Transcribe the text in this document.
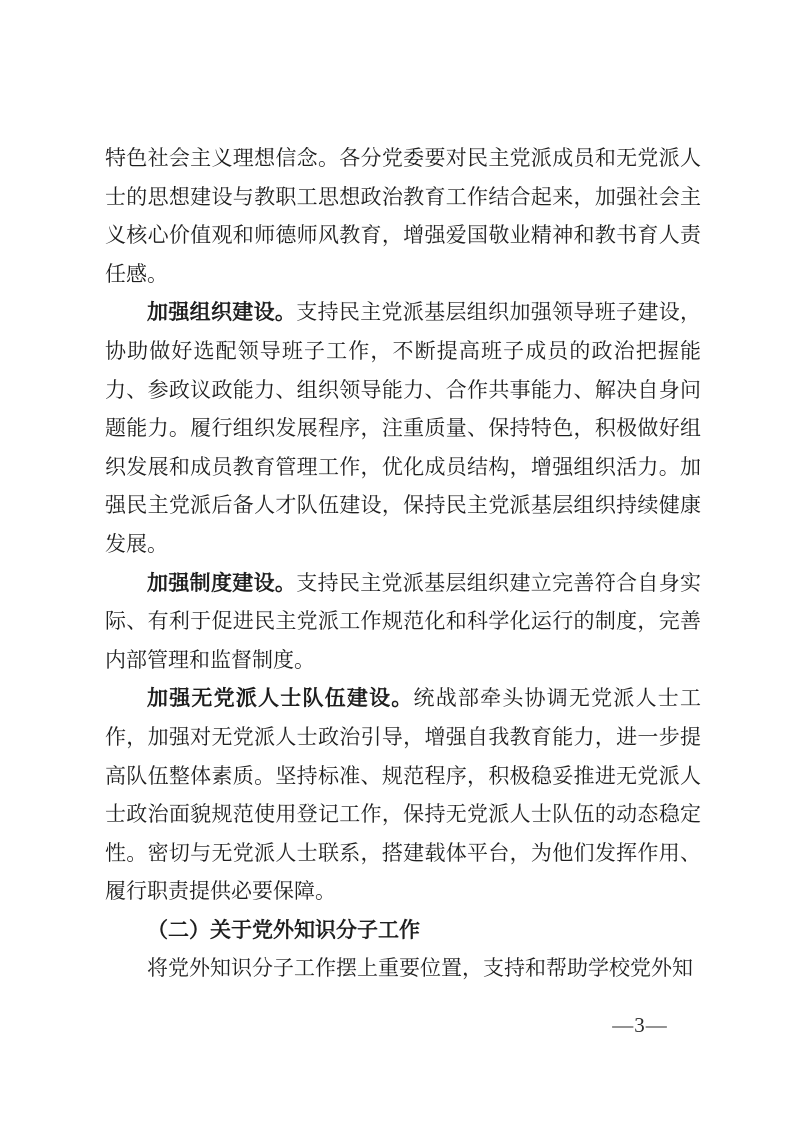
特色社会主义理想信念。各分党委要对民主党派成员和无党派人士的思想建设与教职工思想政治教育工作结合起来，加强社会主义核心价值观和师德师风教育，增强爱国敬业精神和教书育人责任感。

加强组织建设。支持民主党派基层组织加强领导班子建设，协助做好选配领导班子工作，不断提高班子成员的政治把握能力、参政议政能力、组织领导能力、合作共事能力、解决自身问题能力。履行组织发展程序，注重质量、保持特色，积极做好组织发展和成员教育管理工作，优化成员结构，增强组织活力。加强民主党派后备人才队伍建设，保持民主党派基层组织持续健康发展。

加强制度建设。支持民主党派基层组织建立完善符合自身实际、有利于促进民主党派工作规范化和科学化运行的制度，完善内部管理和监督制度。

加强无党派人士队伍建设。统战部牵头协调无党派人士工作，加强对无党派人士政治引导，增强自我教育能力，进一步提高队伍整体素质。坚持标准、规范程序，积极稳妥推进无党派人士政治面貌规范使用登记工作，保持无党派人士队伍的动态稳定性。密切与无党派人士联系，搭建载体平台，为他们发挥作用、履行职责提供必要保障。

（二）关于党外知识分子工作

将党外知识分子工作摆上重要位置，支持和帮助学校党外知

—3—
